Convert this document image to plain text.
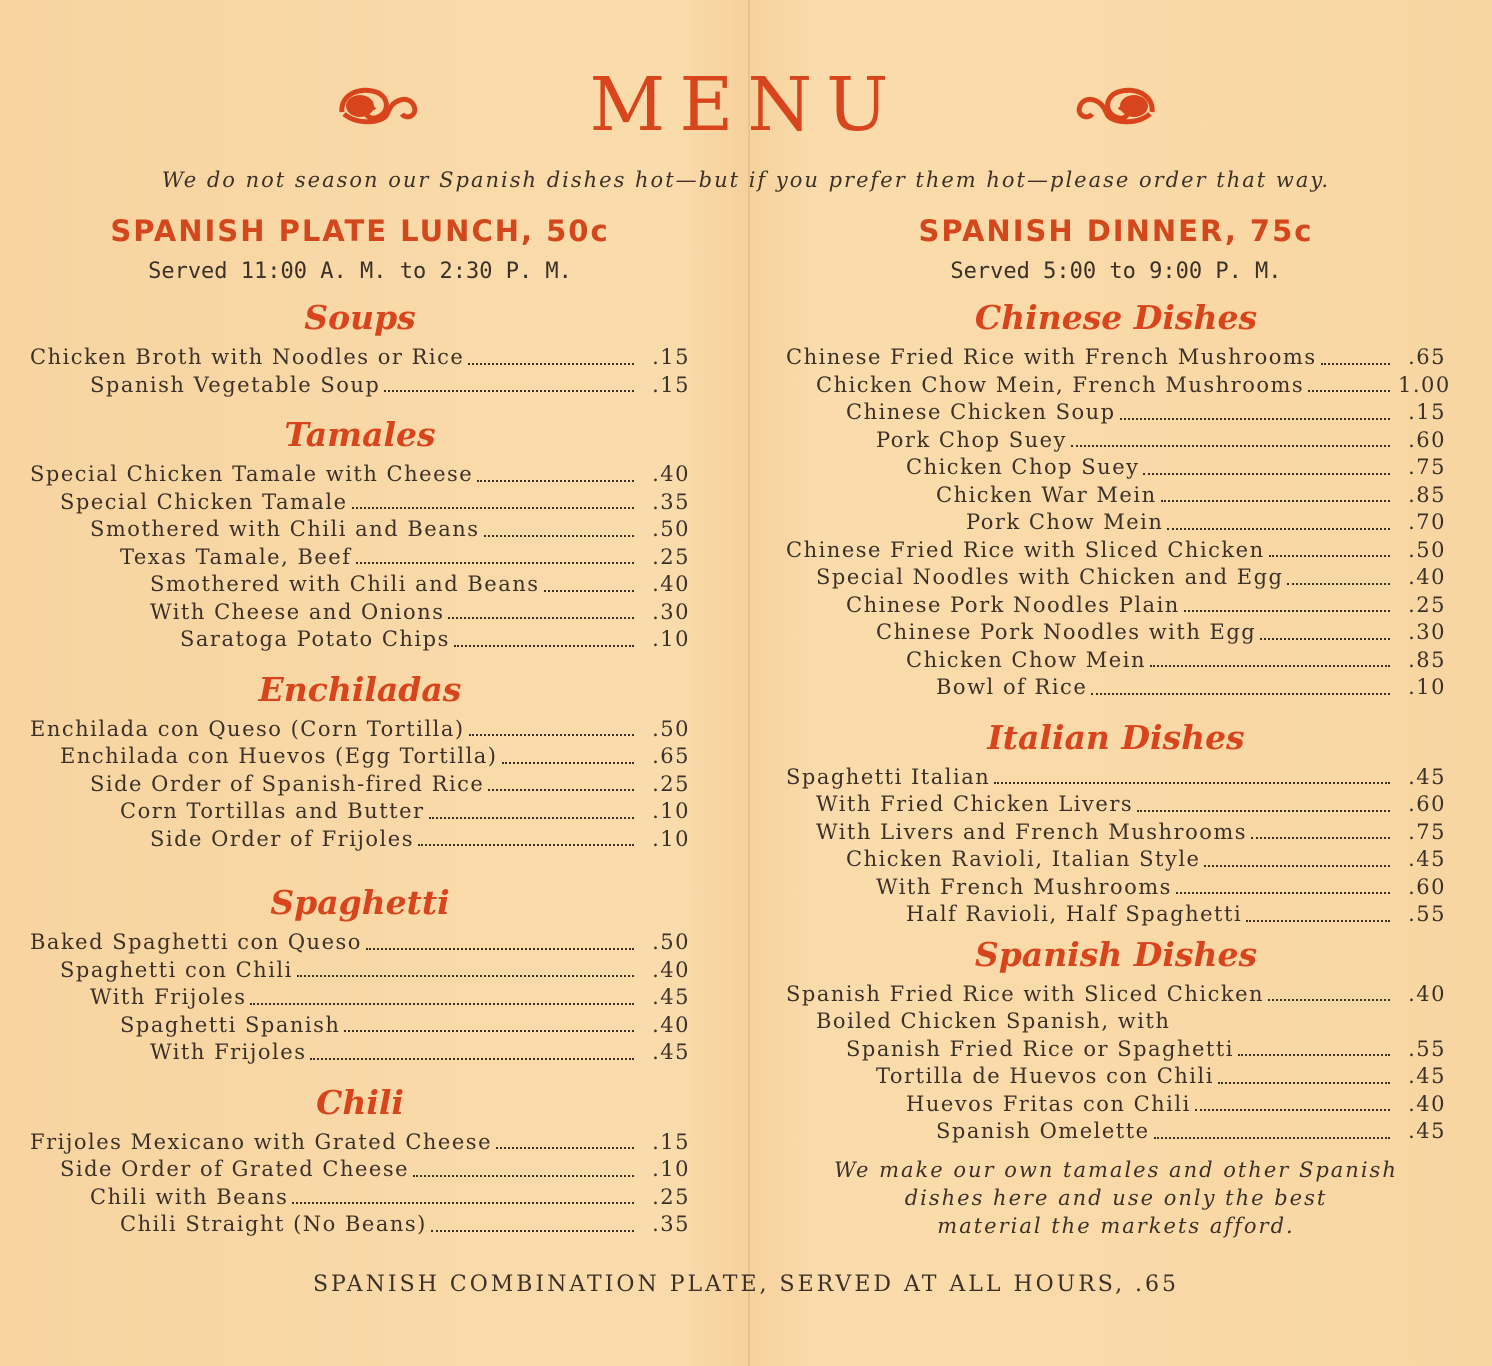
MENU
We do not season our Spanish dishes hot—but if you prefer them hot—please order that way.
SPANISH PLATE LUNCH, 50c
Served 11:00 A. M. to 2:30 P. M.
Soups
Chicken Broth with Noodles or Rice	.15
Spanish Vegetable Soup	.15
Tamales
Special Chicken Tamale with Cheese	.40
Special Chicken Tamale	.35
Smothered with Chili and Beans	.50
Texas Tamale, Beef	.25
Smothered with Chili and Beans	.40
With Cheese and Onions	.30
Saratoga Potato Chips	.10
Enchiladas
Enchilada con Queso (Corn Tortilla)	.50
Enchilada con Huevos (Egg Tortilla)	.65
Side Order of Spanish-fired Rice	.25
Corn Tortillas and Butter	.10
Side Order of Frijoles	.10
Spaghetti
Baked Spaghetti con Queso	.50
Spaghetti con Chili	.40
With Frijoles	.45
Spaghetti Spanish	.40
With Frijoles	.45
Chili
Frijoles Mexicano with Grated Cheese	.15
Side Order of Grated Cheese	.10
Chili with Beans	.25
Chili Straight (No Beans)	.35
SPANISH DINNER, 75c
Served 5:00 to 9:00 P. M.
Chinese Dishes
Chinese Fried Rice with French Mushrooms	.65
Chicken Chow Mein, French Mushrooms	1.00
Chinese Chicken Soup	.15
Pork Chop Suey	.60
Chicken Chop Suey	.75
Chicken War Mein	.85
Pork Chow Mein	.70
Chinese Fried Rice with Sliced Chicken	.50
Special Noodles with Chicken and Egg	.40
Chinese Pork Noodles Plain	.25
Chinese Pork Noodles with Egg	.30
Chicken Chow Mein	.85
Bowl of Rice	.10
Italian Dishes
Spaghetti Italian	.45
With Fried Chicken Livers	.60
With Livers and French Mushrooms	.75
Chicken Ravioli, Italian Style	.45
With French Mushrooms	.60
Half Ravioli, Half Spaghetti	.55
Spanish Dishes
Spanish Fried Rice with Sliced Chicken	.40
Boiled Chicken Spanish, with
Spanish Fried Rice or Spaghetti	.55
Tortilla de Huevos con Chili	.45
Huevos Fritas con Chili	.40
Spanish Omelette	.45
We make our own tamales and other Spanish
dishes here and use only the best
material the markets afford.
SPANISH COMBINATION PLATE, SERVED AT ALL HOURS, .65
